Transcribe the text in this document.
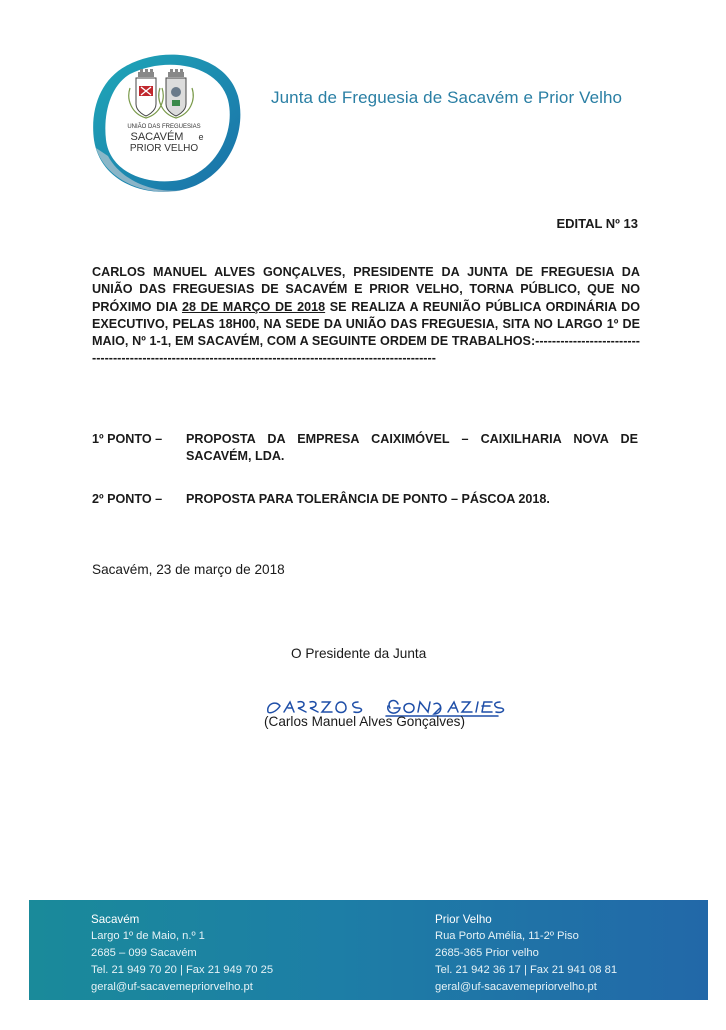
UNIÃO DAS FREGUESIAS
SACAVÉM e
PRIOR VELHO
Junta de Freguesia de Sacavém e Prior Velho
EDITAL Nº 13
CARLOS MANUEL ALVES GONÇALVES, PRESIDENTE DA JUNTA DE FREGUESIA DA UNIÃO DAS FREGUESIAS DE SACAVÉM E PRIOR VELHO, TORNA PÚBLICO, QUE NO PRÓXIMO DIA 28 DE MARÇO DE 2018 SE REALIZA A REUNIÃO PÚBLICA ORDINÁRIA DO EXECUTIVO, PELAS 18H00, NA SEDE DA UNIÃO DAS FREGUESIA, SITA NO LARGO 1º DE MAIO, Nº 1-1, EM SACAVÉM, COM A SEGUINTE ORDEM DE TRABALHOS:-----------------------------------------------------------------------------------------------------------
1º PONTO – PROPOSTA DA EMPRESA CAIXIMÓVEL – CAIXILHARIA NOVA DE SACAVÉM, LDA.
2º PONTO – PROPOSTA PARA TOLERÂNCIA DE PONTO – PÁSCOA 2018.
Sacavém, 23 de março de 2018
O Presidente da Junta
(Carlos Manuel Alves Gonçalves)
Sacavém
Largo 1º de Maio, n.º 1
2685 – 099 Sacavém
Tel. 21 949 70 20 | Fax 21 949 70 25
geral@uf-sacavemepriorvelho.pt
Prior Velho
Rua Porto Amélia, 11-2º Piso
2685-365 Prior velho
Tel. 21 942 36 17 | Fax 21 941 08 81
geral@uf-sacavemepriorvelho.pt
